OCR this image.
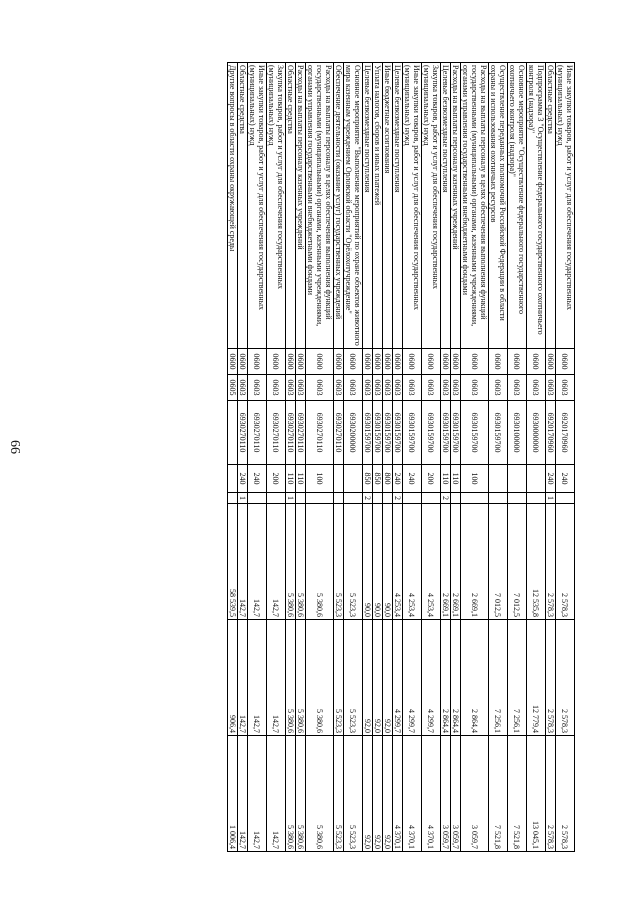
66
Иные закупки товаров, работ и услуг для обеспечения государственных (муниципальных) нужд	0600	0603	6920170960	240		2 578,3	2 578,3	2 578,3
Областные средства	0600	0603	6920170960	240	1	2 578,3	2 578,3	2 578,3
Подпрограмма 3 "Осуществление федерального государственного охотничьего контроля (надзора)"	0600	0603	6930000000			12 535,8	12 779,4	13 045,1
Основное мероприятие "Осуществление федерального государственного охотничьего контроля (надзора)"	0600	0603	6930100000			7 012,5	7 256,1	7 521,8
Осуществление переданных полномочий Российской Федерации в области охраны и использования охотничьих ресурсов	0600	0603	6930159700			7 012,5	7 256,1	7 521,8
Расходы на выплаты персоналу в целях обеспечения выполнения функций государственными (муниципальными) органами, казенными учреждениями, органами управления государственными внебюджетными фондами	0600	0603	6930159700	100		2 669,1	2 864,4	3 059,7
Расходы на выплаты персоналу казенных учреждений	0600	0603	6930159700	110		2 669,1	2 864,4	3 059,7
Целевые безвозмездные поступления	0600	0603	6930159700	110	2	2 669,1	2 864,4	3 059,7
Закупка товаров, работ и услуг для обеспечения государственных (муниципальных) нужд	0600	0603	6930159700	200		4 253,4	4 299,7	4 370,1
Иные закупки товаров, работ и услуг для обеспечения государственных (муниципальных) нужд	0600	0603	6930159700	240		4 253,4	4 299,7	4 370,1
Целевые безвозмездные поступления	0600	0603	6930159700	240	2	4 253,4	4 299,7	4 370,1
Иные бюджетные ассигнования	0600	0603	6930159700	800		90,0	92,0	92,0
Уплата налогов, сборов и иных платежей	0600	0603	6930159700	850		90,0	92,0	92,0
Целевые безвозмездные поступления	0600	0603	6930159700	850	2	90,0	92,0	92,0
Основное мероприятие "Выполнение мероприятий по охране объектов животного мира казенным учреждением Орловской области "Орёлохотучреждение"	0600	0603	6930200000			5 523,3	5 523,3	5 523,3
Обеспечение деятельности (оказание услуг) государственных учреждений	0600	0603	6930270110			5 523,3	5 523,3	5 523,3
Расходы на выплаты персоналу в целях обеспечения выполнения функций государственными (муниципальными) органами, казенными учреждениями, органами управления государственными внебюджетными фондами	0600	0603	6930270110	100		5 380,6	5 380,6	5 380,6
Расходы на выплаты персоналу казенных учреждений	0600	0603	6930270110	110		5 380,6	5 380,6	5 380,6
Областные средства	0600	0603	6930270110	110	1	5 380,6	5 380,6	5 380,6
Закупка товаров, работ и услуг для обеспечения государственных (муниципальных) нужд	0600	0603	6930270110	200		142,7	142,7	142,7
Иные закупки товаров, работ и услуг для обеспечения государственных (муниципальных) нужд	0600	0603	6930270110	240		142,7	142,7	142,7
Областные средства	0600	0603	6930270110	240	1	142,7	142,7	142,7
Другие вопросы в области охраны окружающей среды	0600	0605				58 539,5	906,4	1 006,4
